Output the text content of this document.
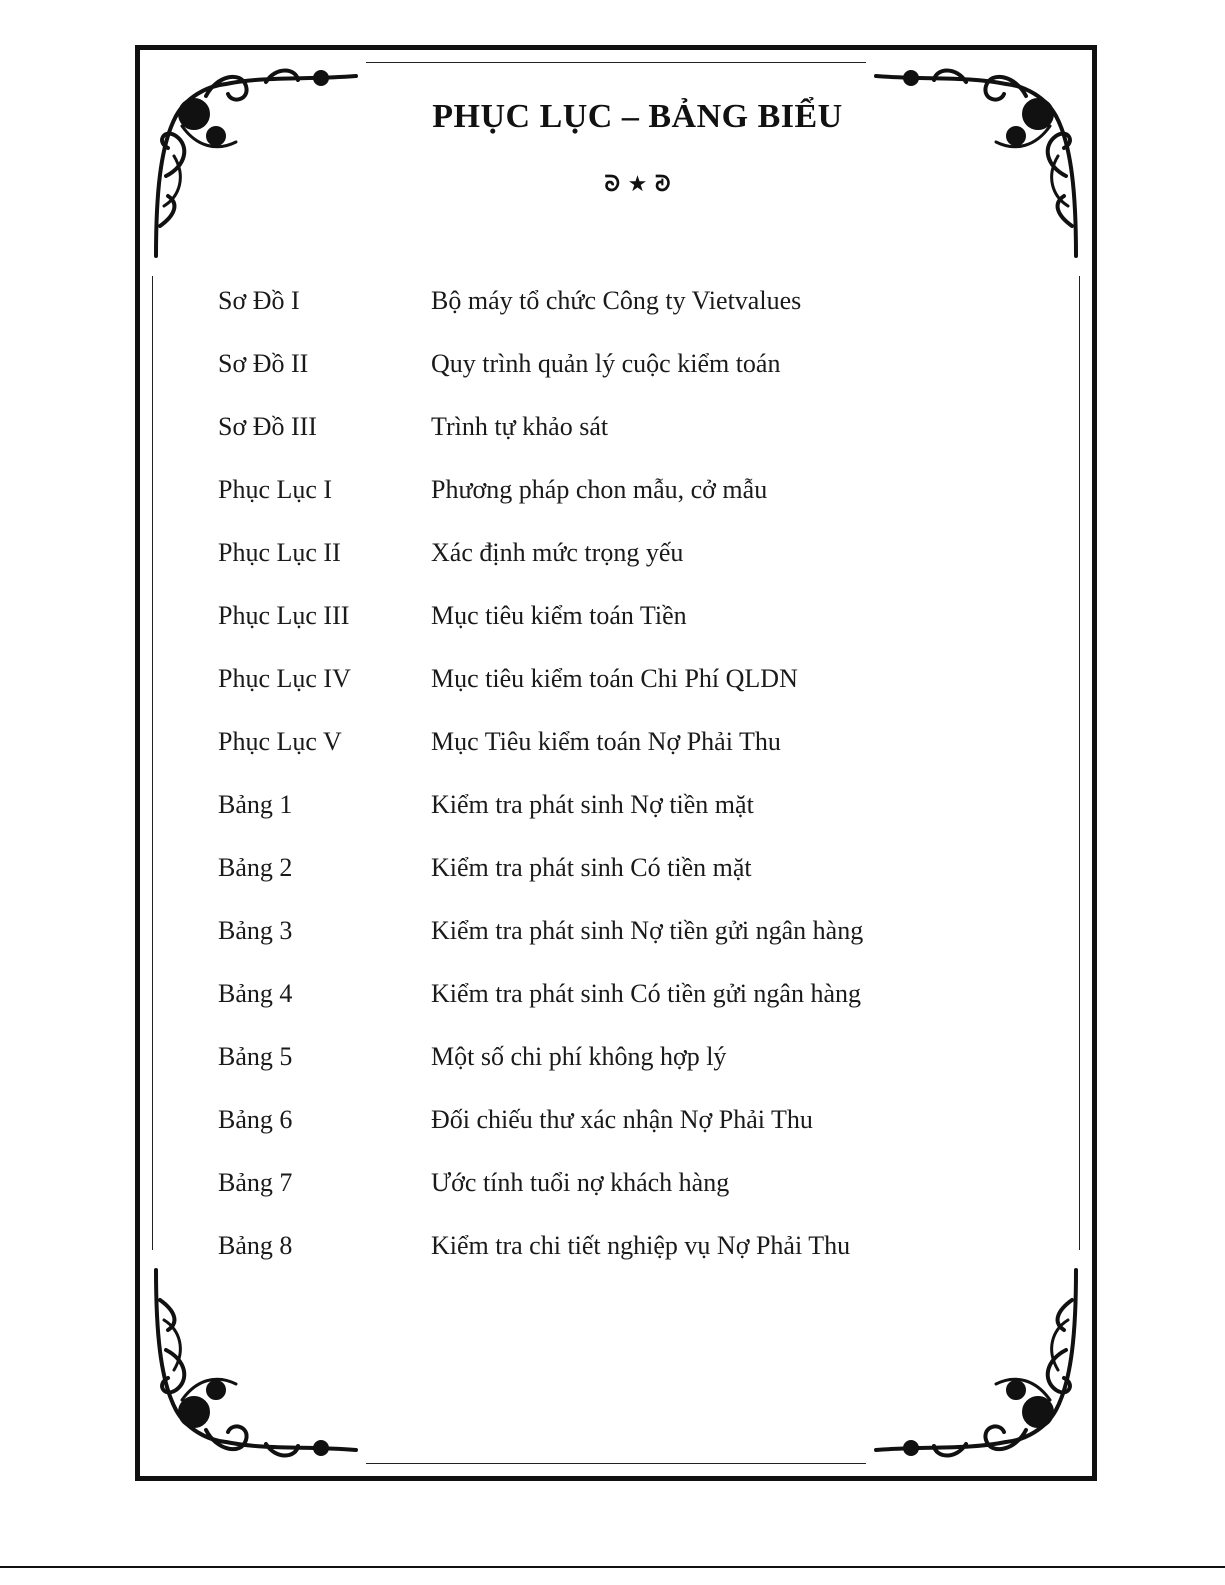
PHỤC LỤC – BẢNG BIỂU
ᘐ ★ ᘑ
Sơ Đồ I	Bộ máy tổ chức Công ty Vietvalues
Sơ Đồ II	Quy trình quản lý cuộc kiểm toán
Sơ Đồ III	Trình tự khảo sát
Phục Lục I	Phương pháp chon mẫu, cở mẫu
Phục Lục II	Xác định mức trọng yếu
Phục Lục III	Mục tiêu kiểm toán Tiền
Phục Lục IV	Mục tiêu kiểm toán Chi Phí QLDN
Phục Lục V	Mục Tiêu kiểm toán Nợ Phải Thu
Bảng 1	Kiểm tra phát sinh Nợ tiền mặt
Bảng 2	Kiểm tra phát sinh Có tiền mặt
Bảng 3	Kiểm tra phát sinh Nợ tiền gửi ngân hàng
Bảng 4	Kiểm tra phát sinh Có tiền gửi ngân hàng
Bảng 5	Một số chi phí không hợp lý
Bảng 6	Đối chiếu thư xác nhận Nợ Phải Thu
Bảng 7	Ước tính tuổi nợ khách hàng
Bảng 8	Kiểm tra chi tiết nghiệp vụ Nợ Phải Thu
